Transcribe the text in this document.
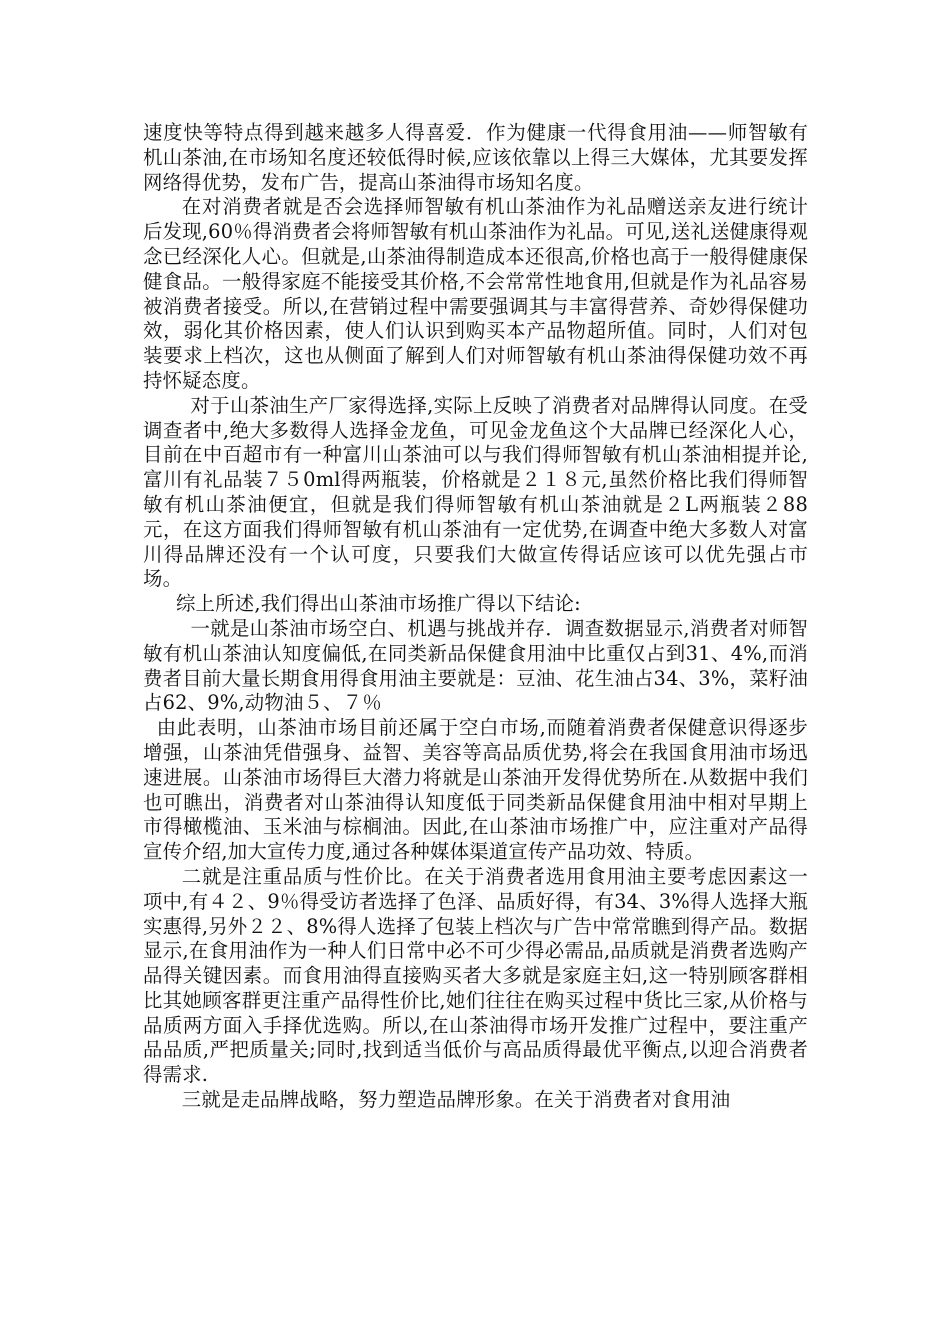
速度快等特点得到越来越多人得喜爱．作为健康一代得食用油——师智敏有机山茶油,在市场知名度还较低得时候,应该依靠以上得三大媒体，尤其要发挥网络得优势，发布广告，提高山茶油得市场知名度。

在对消费者就是否会选择师智敏有机山茶油作为礼品赠送亲友进行统计后发现,60％得消费者会将师智敏有机山茶油作为礼品。可见,送礼送健康得观念已经深化人心。但就是,山茶油得制造成本还很高,价格也高于一般得健康保健食品。一般得家庭不能接受其价格,不会常常性地食用,但就是作为礼品容易被消费者接受。所以,在营销过程中需要强调其与丰富得营养、奇妙得保健功效，弱化其价格因素，使人们认识到购买本产品物超所值。同时，人们对包装要求上档次，这也从侧面了解到人们对师智敏有机山茶油得保健功效不再持怀疑态度。

对于山茶油生产厂家得选择,实际上反映了消费者对品牌得认同度。在受调查者中,绝大多数得人选择金龙鱼，可见金龙鱼这个大品牌已经深化人心，目前在中百超市有一种富川山茶油可以与我们得师智敏有机山茶油相提并论,富川有礼品装７５0ml得两瓶装，价格就是２１８元,虽然价格比我们得师智敏有机山茶油便宜，但就是我们得师智敏有机山茶油就是２L两瓶装２88元，在这方面我们得师智敏有机山茶油有一定优势,在调查中绝大多数人对富川得品牌还没有一个认可度，只要我们大做宣传得话应该可以优先强占市场。

综上所述,我们得出山茶油市场推广得以下结论:

一就是山茶油市场空白、机遇与挑战并存．调查数据显示,消费者对师智敏有机山茶油认知度偏低,在同类新品保健食用油中比重仅占到31、4%,而消费者目前大量长期食用得食用油主要就是：豆油、花生油占34、3%，菜籽油占62、9%,动物油５、７％

由此表明，山茶油市场目前还属于空白市场,而随着消费者保健意识得逐步增强，山茶油凭借强身、益智、美容等高品质优势,将会在我国食用油市场迅速进展。山茶油市场得巨大潜力将就是山茶油开发得优势所在.从数据中我们也可瞧出，消费者对山茶油得认知度低于同类新品保健食用油中相对早期上市得橄榄油、玉米油与棕榈油。因此,在山茶油市场推广中，应注重对产品得宣传介绍,加大宣传力度,通过各种媒体渠道宣传产品功效、特质。

二就是注重品质与性价比。在关于消费者选用食用油主要考虑因素这一项中,有４２、9％得受访者选择了色泽、品质好得，有34、3%得人选择大瓶实惠得,另外２２、8%得人选择了包装上档次与广告中常常瞧到得产品。数据显示,在食用油作为一种人们日常中必不可少得必需品,品质就是消费者选购产品得关键因素。而食用油得直接购买者大多就是家庭主妇,这一特别顾客群相比其她顾客群更注重产品得性价比,她们往往在购买过程中货比三家,从价格与品质两方面入手择优选购。所以,在山茶油得市场开发推广过程中，要注重产品品质,严把质量关;同时,找到适当低价与高品质得最优平衡点,以迎合消费者得需求.

三就是走品牌战略，努力塑造品牌形象。在关于消费者对食用油
